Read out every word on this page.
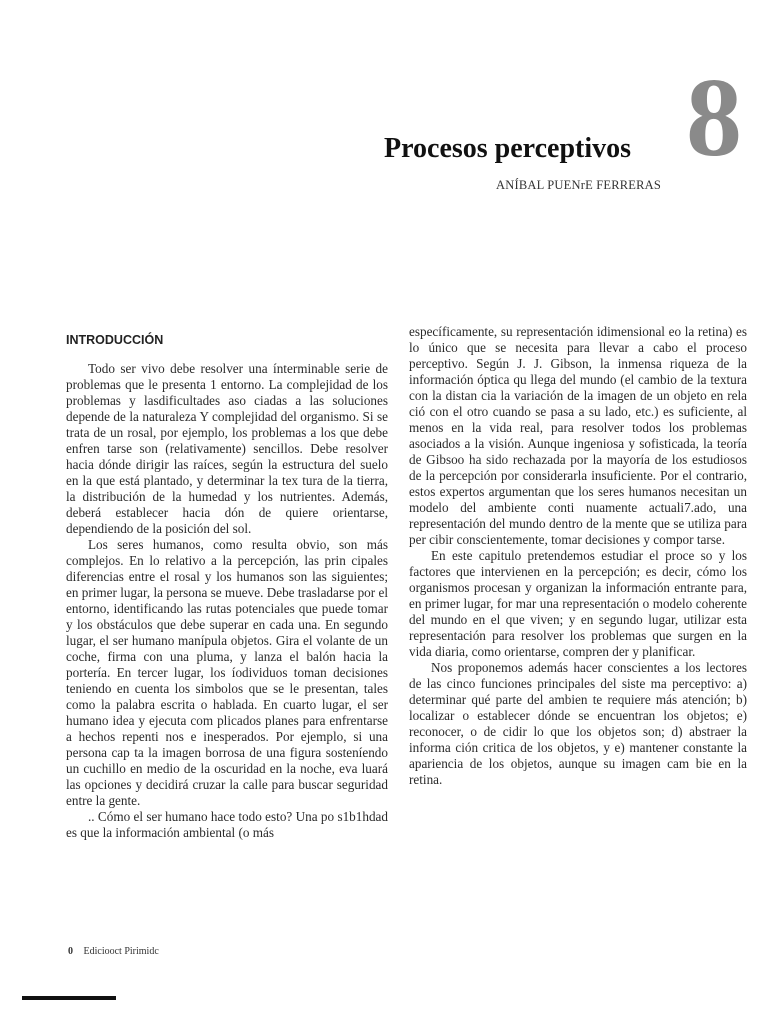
8
Procesos perceptivos
ANÍBAL PUENrE FERRERAS
INTRODUCCIÓN

Todo ser vivo debe resolver una ínterminable serie de problemas que le presenta 1 entorno. La complejidad de los problemas y lasdificultades aso ciadas a las soluciones depende de la naturaleza Y complejidad del organismo. Si se trata de un rosal, por ejemplo, los problemas a los que debe enfren tarse son (relativamente) sencillos. Debe resolver hacia dónde dirigir las raíces, según la estructura del suelo en la que está plantado, y determinar la tex tura de la tierra, la distribución de la humedad y los nutrientes. Además, deberá establecer hacia dón de quiere orientarse, dependiendo de la posición del sol.

Los seres humanos, como resulta obvio, son más complejos. En lo relativo a la percepción, las prin cipales diferencias entre el rosal y los humanos son las siguientes; en primer lugar, la persona se mueve. Debe trasladarse por el entorno, identificando las rutas potenciales que puede tomar y los obstáculos que debe superar en cada una. En segundo lugar, el ser humano manípula objetos. Gira el volante de un coche, firma con una pluma, y lanza el balón hacia la portería. En tercer lugar, los íodividuos toman decisiones teniendo en cuenta los simbolos que se le presentan, tales como la palabra escrita o hablada. En cuarto lugar, el ser humano idea y ejecuta com plicados planes para enfrentarse a hechos repenti nos e inesperados. Por ejemplo, si una persona cap ta la imagen borrosa de una figura sosteníendo un cuchillo en medio de la oscuridad en la noche, eva luará las opciones y decidirá cruzar la calle para buscar seguridad entre la gente.

.. Cómo el ser humano hace todo esto? Una po s1b1hdad es que la información ambiental (o más

específicamente, su representación idimensional eo la retina) es lo único que se necesita para llevar a cabo el proceso perceptivo. Según J. J. Gibson, la inmensa riqueza de la información óptica qu llega del mundo (el cambio de la textura con la distan cia la variación de la imagen de un objeto en rela ció con el otro cuando se pasa a su lado, etc.) es suficiente, al menos en la vida real, para resolver todos los problemas asociados a la visión. Aunque ingeniosa y sofisticada, la teoría de Gibsoo ha sido rechazada por la mayoría de los estudiosos de la percepción por considerarla insuficiente. Por el contrario, estos expertos argumentan que los seres humanos necesitan un modelo del ambiente conti nuamente actuali7.ado, una representación del mundo dentro de la mente que se utiliza para per cibir conscientemente, tomar decisiones y compor tarse.

En este capitulo pretendemos estudiar el proce so y los factores que intervienen en la percepción; es decir, cómo los organismos procesan y organizan la información entrante para, en primer lugar, for mar una representación o modelo coherente del mundo en el que viven; y en segundo lugar, utilizar esta representación para resolver los problemas que surgen en la vida diaria, como orientarse, compren der y planificar.

Nos proponemos además hacer conscientes a los lectores de las cinco funciones principales del siste ma perceptivo: a) determinar qué parte del ambien te requiere más atención; b) localizar o establecer dónde se encuentran los objetos; e) reconocer, o de cidir lo que los objetos son; d) abstraer la informa ción critica de los objetos, y e) mantener constante la apariencia de los objetos, aunque su imagen cam bie en la retina.

0 Ediciooct Pirimidc
